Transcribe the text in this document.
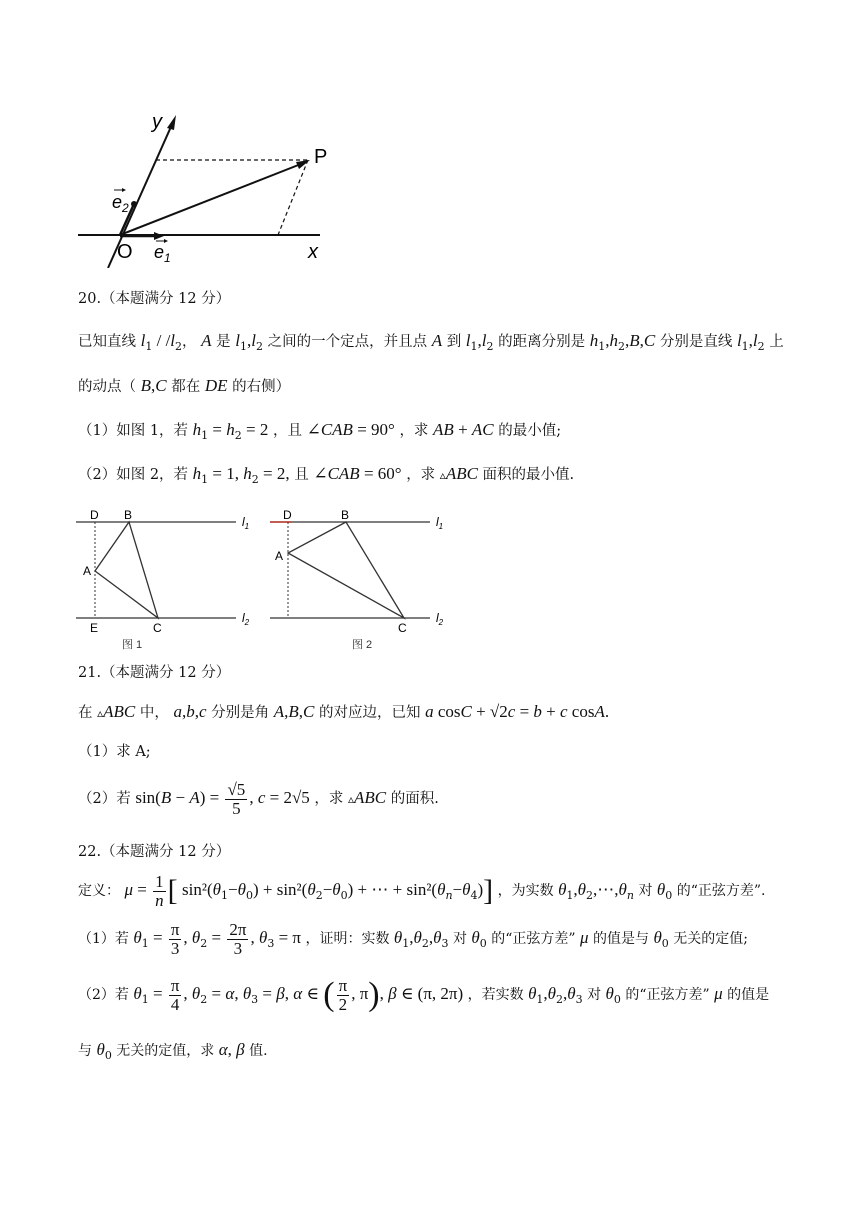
y
P
O	x
$e_2$
$e_1$
20.（本题满分 12 分）
已知直线 $l_1 / /l_2$， A 是 $l_1,l_2$ 之间的一个定点，并且点 A 到 $l_1,l_2$ 的距离分别是 $h_1,h_2,B,C$ 分别是直线 $l_1,l_2$ 上
的动点（ B,C 都在 DE 的右侧）
（1）如图 1，若 $h_1 = h_2 = 2$ ，且 ∠CAB = 90° ，求 AB + AC 的最小值;
（2）如图 2，若 $h_1 = 1$, $h_2 = 2$, 且 ∠CAB = 60° ，求 ▵ABC 面积的最小值.
D B
A
E	C
$l_1$
$l_2$
图 1
D	B
A
C
$l_1$
$l_2$
图 2
21.（本题满分 12 分）
在 ▵ABC 中， a,b,c 分别是角 A,B,C 的对应边，已知 a cosC + √2c = b + c cosA.
（1）求 A;
（2）若 $\sin(B - A) = \frac{√5}{5}$ , c = 2√5 ，求 ▵ABC 的面积.
22.（本题满分 12 分）
定义： $\mu = \frac{1}{n}$ [ $\sin^2(\theta_1-\theta_0) + \sin^2(\theta_2-\theta_0)$ + ⋯ + $\sin^2(\theta_n-\theta_4)$] ，为实数 $\theta_1,\theta_2,\cdots,\theta_n$ 对 $\theta_0$ 的“正弦方差”.
（1）若 $\theta_1 = \frac{\pi}{3}$ , $\theta_2 = \frac{2\pi}{3}$ , $\theta_3 = \pi$ ，证明：实数 $\theta_1,\theta_2,\theta_3$ 对 $\theta_0$ 的“正弦方差” μ 的值是与 $\theta_0$ 无关的定值;
（2）若 $\theta_1 = \frac{\pi}{4}$ , $\theta_2 = \alpha$, $\theta_3 = \beta$, α ∈ ( $\frac{\pi}{2}$ , π), β ∈ (π, 2π) ，若实数 $\theta_1,\theta_2,\theta_3$ 对 $\theta_0$ 的“正弦方差” μ 的值是
与 $\theta_0$ 无关的定值，求 α, β 值.
